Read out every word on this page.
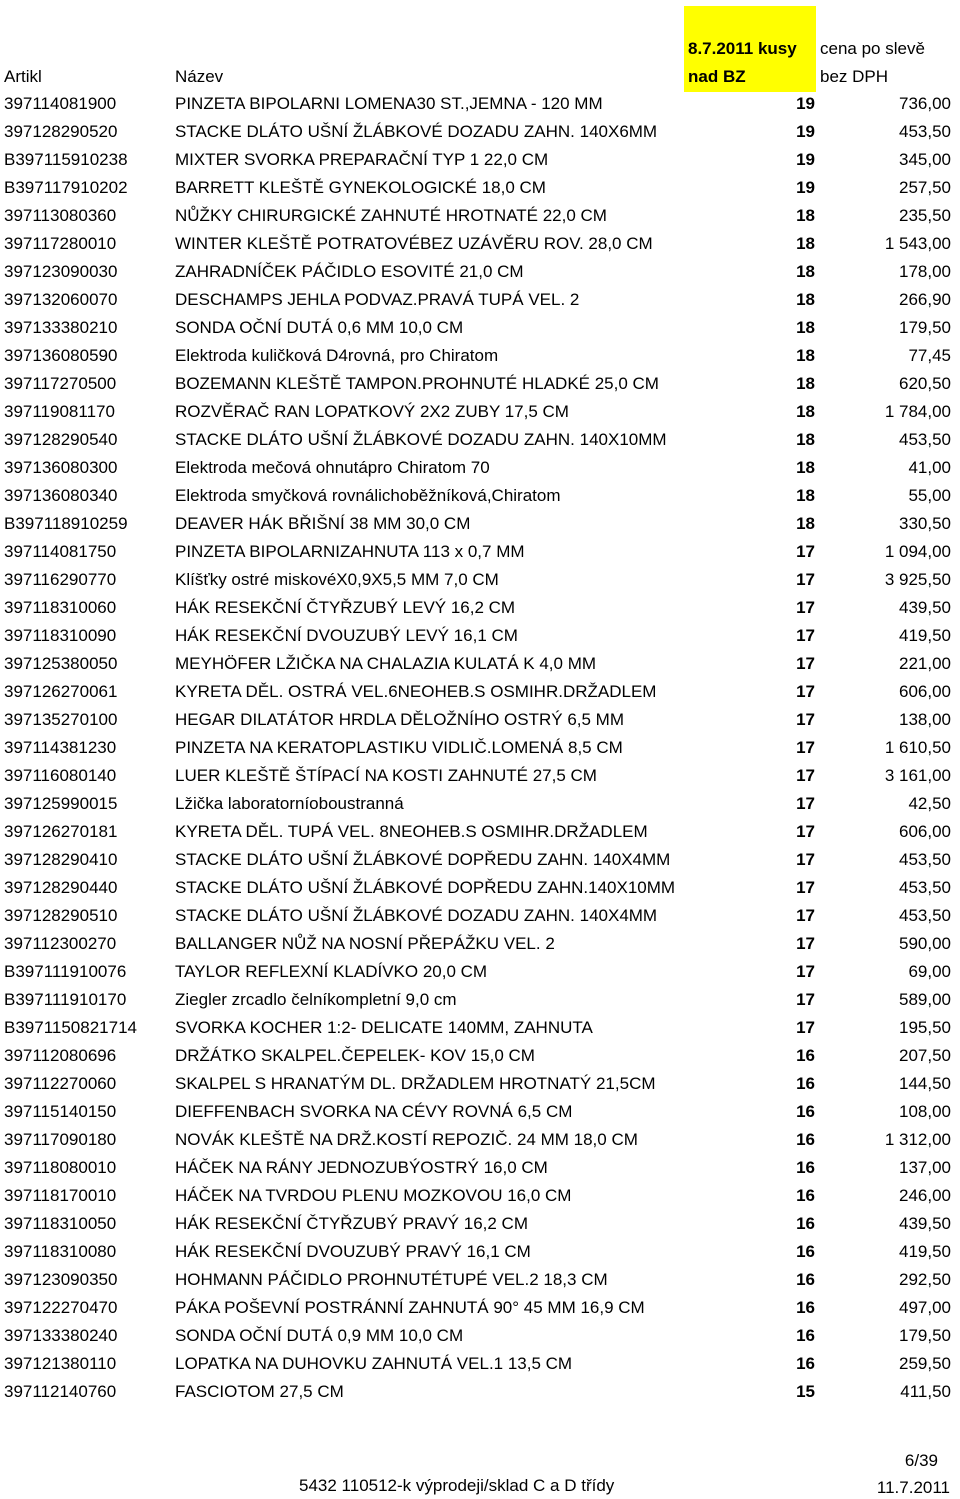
Artikl	Název
8.7.2011 kusy
nad BZ
cena po slevě
bez DPH
397114081900	PINZETA BIPOLARNI LOMENA30 ST.,JEMNA - 120 MM	19	736,00
397128290520	STACKE DLÁTO UŠNÍ ŽLÁBKOVÉ DOZADU ZAHN. 140X6MM	19	453,50
B397115910238	MIXTER SVORKA PREPARAČNÍ TYP 1 22,0 CM	19	345,00
B397117910202	BARRETT KLEŠTĚ GYNEKOLOGICKÉ 18,0 CM	19	257,50
397113080360	NŮŽKY CHIRURGICKÉ ZAHNUTÉ HROTNATÉ 22,0 CM	18	235,50
397117280010	WINTER KLEŠTĚ POTRATOVÉBEZ UZÁVĚRU ROV. 28,0 CM	18	1 543,00
397123090030	ZAHRADNÍČEK PÁČIDLO ESOVITÉ 21,0 CM	18	178,00
397132060070	DESCHAMPS JEHLA PODVAZ.PRAVÁ TUPÁ VEL. 2	18	266,90
397133380210	SONDA OČNÍ DUTÁ 0,6 MM 10,0 CM	18	179,50
397136080590	Elektroda kuličková D4rovná, pro Chiratom	18	77,45
397117270500	BOZEMANN KLEŠTĚ TAMPON.PROHNUTÉ HLADKÉ 25,0 CM	18	620,50
397119081170	ROZVĚRAČ RAN LOPATKOVÝ 2X2 ZUBY 17,5 CM	18	1 784,00
397128290540	STACKE DLÁTO UŠNÍ ŽLÁBKOVÉ DOZADU ZAHN. 140X10MM	18	453,50
397136080300	Elektroda mečová ohnutápro Chiratom 70	18	41,00
397136080340	Elektroda smyčková rovnálichoběžníková,Chiratom	18	55,00
B397118910259	DEAVER HÁK BŘIŠNÍ 38 MM 30,0 CM	18	330,50
397114081750	PINZETA BIPOLARNIZAHNUTA 113 x 0,7 MM	17	1 094,00
397116290770	Klíšťky ostré miskovéX0,9X5,5 MM 7,0 CM	17	3 925,50
397118310060	HÁK RESEKČNÍ ČTYŘZUBÝ LEVÝ 16,2 CM	17	439,50
397118310090	HÁK RESEKČNÍ DVOUZUBÝ LEVÝ 16,1 CM	17	419,50
397125380050	MEYHÖFER LŽIČKA NA CHALAZIA KULATÁ K 4,0 MM	17	221,00
397126270061	KYRETA DĚL. OSTRÁ VEL.6NEOHEB.S OSMIHR.DRŽADLEM	17	606,00
397135270100	HEGAR DILATÁTOR HRDLA DĚLOŽNÍHO OSTRÝ 6,5 MM	17	138,00
397114381230	PINZETA NA KERATOPLASTIKU VIDLIČ.LOMENÁ 8,5 CM	17	1 610,50
397116080140	LUER KLEŠTĚ ŠTÍPACÍ NA KOSTI ZAHNUTÉ 27,5 CM	17	3 161,00
397125990015	Lžička laboratorníoboustranná	17	42,50
397126270181	KYRETA DĚL. TUPÁ VEL. 8NEOHEB.S OSMIHR.DRŽADLEM	17	606,00
397128290410	STACKE DLÁTO UŠNÍ ŽLÁBKOVÉ DOPŘEDU ZAHN. 140X4MM	17	453,50
397128290440	STACKE DLÁTO UŠNÍ ŽLÁBKOVÉ DOPŘEDU ZAHN.140X10MM	17	453,50
397128290510	STACKE DLÁTO UŠNÍ ŽLÁBKOVÉ DOZADU ZAHN. 140X4MM	17	453,50
397112300270	BALLANGER NŮŽ NA NOSNÍ PŘEPÁŽKU VEL. 2	17	590,00
B397111910076	TAYLOR REFLEXNÍ KLADÍVKO 20,0 CM	17	69,00
B397111910170	Ziegler zrcadlo čelníkompletní 9,0 cm	17	589,00
B3971150821714	SVORKA KOCHER 1:2- DELICATE 140MM, ZAHNUTA	17	195,50
397112080696	DRŽÁTKO SKALPEL.ČEPELEK- KOV 15,0 CM	16	207,50
397112270060	SKALPEL S HRANATÝM DL. DRŽADLEM HROTNATÝ 21,5CM	16	144,50
397115140150	DIEFFENBACH SVORKA NA CÉVY ROVNÁ 6,5 CM	16	108,00
397117090180	NOVÁK KLEŠTĚ NA DRŽ.KOSTÍ REPOZIČ. 24 MM 18,0 CM	16	1 312,00
397118080010	HÁČEK NA RÁNY JEDNOZUBÝOSTRÝ 16,0 CM	16	137,00
397118170010	HÁČEK NA TVRDOU PLENU MOZKOVOU 16,0 CM	16	246,00
397118310050	HÁK RESEKČNÍ ČTYŘZUBÝ PRAVÝ 16,2 CM	16	439,50
397118310080	HÁK RESEKČNÍ DVOUZUBÝ PRAVÝ 16,1 CM	16	419,50
397123090350	HOHMANN PÁČIDLO PROHNUTÉTUPÉ VEL.2 18,3 CM	16	292,50
397122270470	PÁKA POŠEVNÍ POSTRÁNNÍ ZAHNUTÁ 90° 45 MM 16,9 CM	16	497,00
397133380240	SONDA OČNÍ DUTÁ 0,9 MM 10,0 CM	16	179,50
397121380110	LOPATKA NA DUHOVKU ZAHNUTÁ VEL.1 13,5 CM	16	259,50
397112140760	FASCIOTOM 27,5 CM	15	411,50
6/39
5432 110512-k výprodeji/sklad C a D třídy	11.7.2011
